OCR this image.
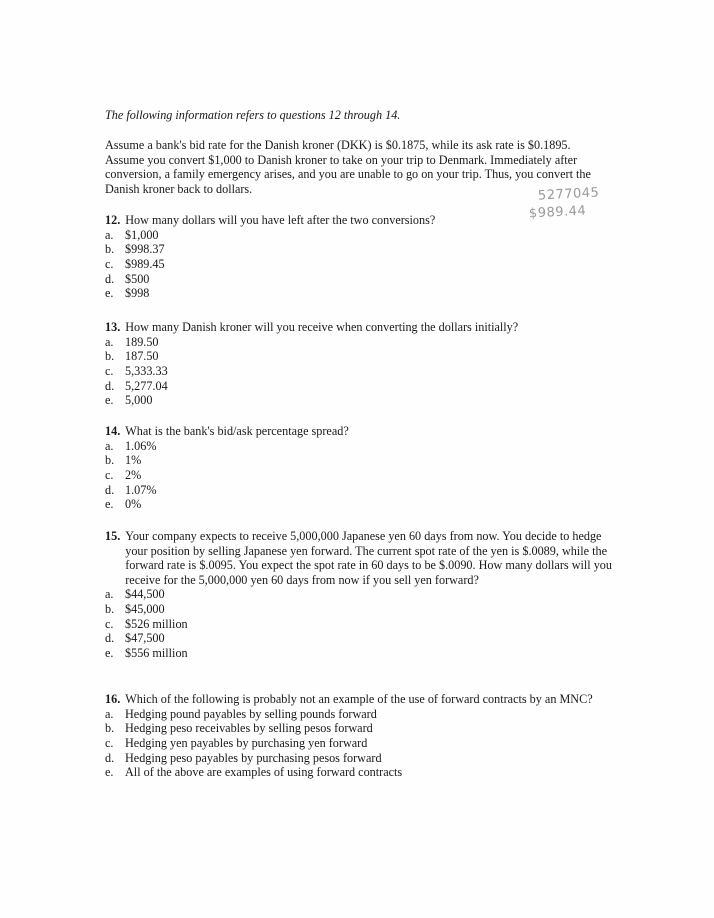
The following information refers to questions 12 through 14.

Assume a bank's bid rate for the Danish kroner (DKK) is $0.1875, while its ask rate is $0.1895. Assume you convert $1,000 to Danish kroner to take on your trip to Denmark. Immediately after conversion, a family emergency arises, and you are unable to go on your trip. Thus, you convert the Danish kroner back to dollars.	5277045
$989.44

12. How many dollars will you have left after the two conversions?

a. $1,000
b. $998.37
c. $989.45
d. $500
e. $998

13. How many Danish kroner will you receive when converting the dollars initially?

a. 189.50
b. 187.50
c. 5,333.33
d. 5,277.04
e. 5,000

14. What is the bank's bid/ask percentage spread?

a. 1.06%
b. 1%
c. 2%
d. 1.07%
e. 0%

15. Your company expects to receive 5,000,000 Japanese yen 60 days from now. You decide to hedge your position by selling Japanese yen forward. The current spot rate of the yen is $.0089, while the forward rate is $.0095. You expect the spot rate in 60 days to be $.0090. How many dollars will you receive for the 5,000,000 yen 60 days from now if you sell yen forward?

a. $44,500
b. $45,000
c. $526 million
d. $47,500
e. $556 million

16. Which of the following is probably not an example of the use of forward contracts by an MNC?

a. Hedging pound payables by selling pounds forward
b. Hedging peso receivables by selling pesos forward
c. Hedging yen payables by purchasing yen forward
d. Hedging peso payables by purchasing pesos forward
e. All of the above are examples of using forward contracts
